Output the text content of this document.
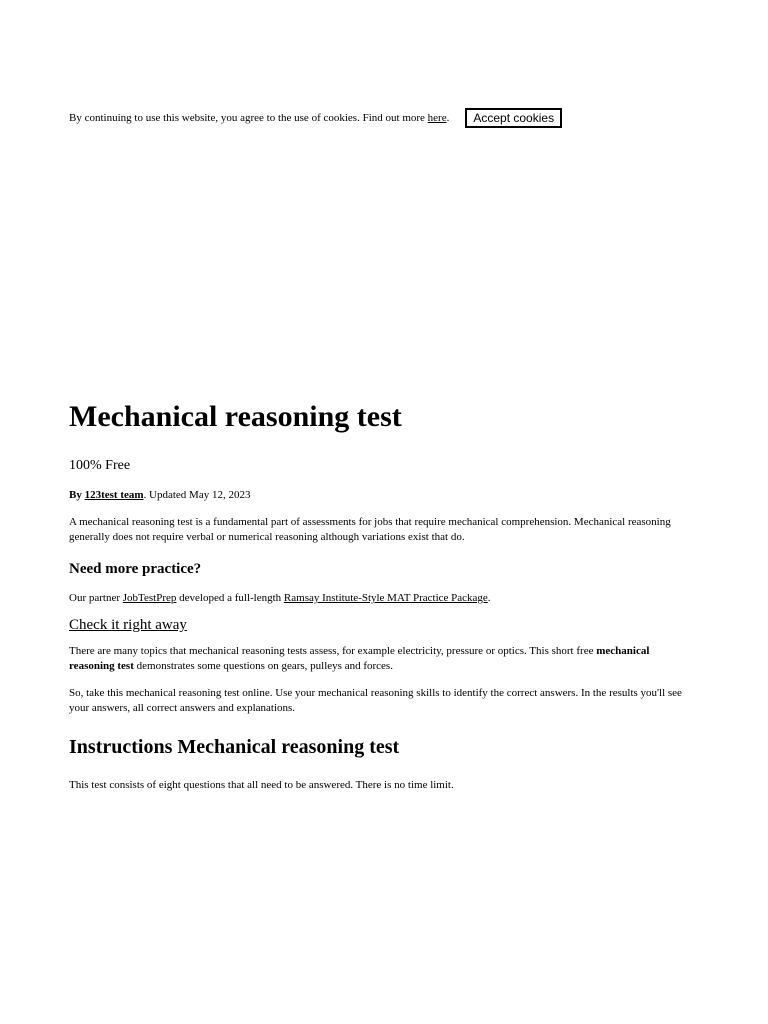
By continuing to use this website, you agree to the use of cookies. Find out more here.	Accept cookies
Mechanical reasoning test
100% Free
By 123test team. Updated May 12, 2023

A mechanical reasoning test is a fundamental part of assessments for jobs that require mechanical comprehension. Mechanical reasoning generally does not require verbal or numerical reasoning although variations exist that do.

Need more practice?

Our partner JobTestPrep developed a full-length Ramsay Institute-Style MAT Practice Package.

Check it right away

There are many topics that mechanical reasoning tests assess, for example electricity, pressure or optics. This short free mechanical reasoning test demonstrates some questions on gears, pulleys and forces.

So, take this mechanical reasoning test online. Use your mechanical reasoning skills to identify the correct answers. In the results you'll see your answers, all correct answers and explanations.

Instructions Mechanical reasoning test

This test consists of eight questions that all need to be answered. There is no time limit.
